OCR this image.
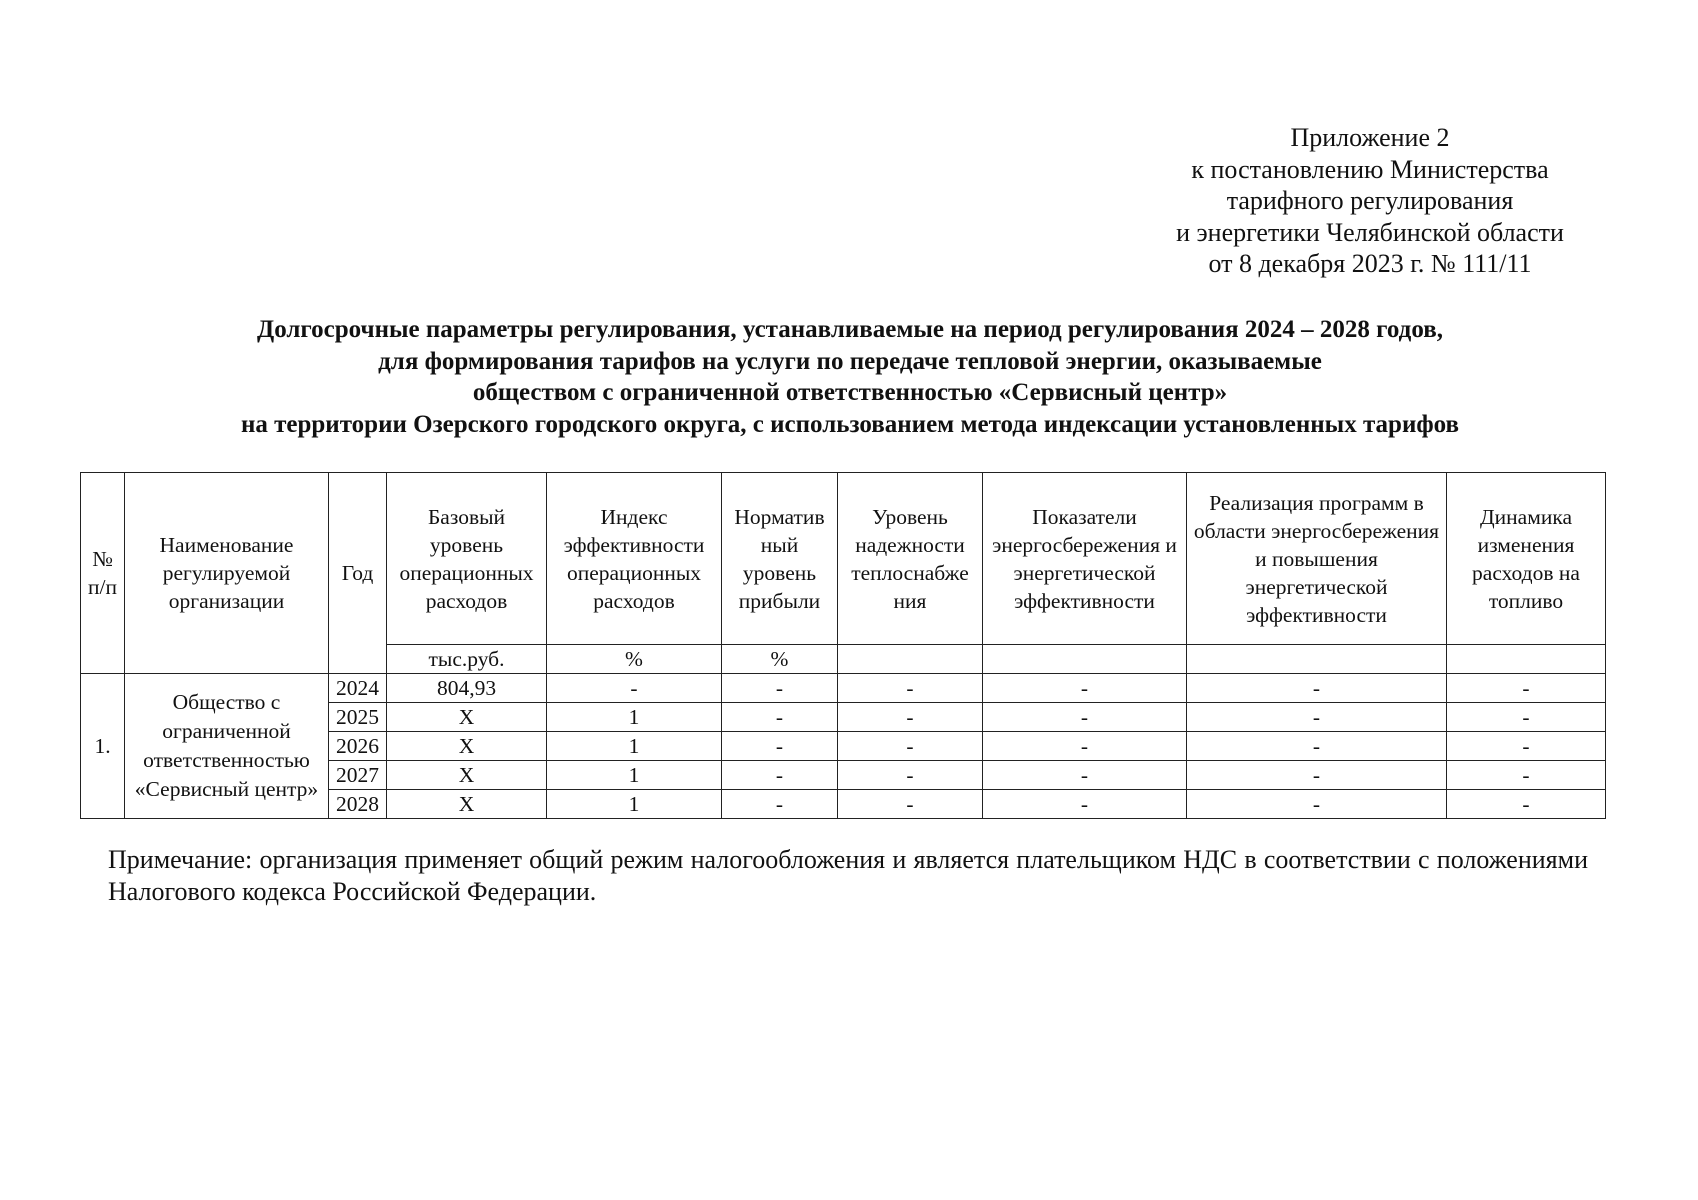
Приложение 2
к постановлению Министерства
тарифного регулирования
и энергетики Челябинской области
от 8 декабря 2023 г. № 111/11
Долгосрочные параметры регулирования, устанавливаемые на период регулирования 2024 – 2028 годов,
для формирования тарифов на услуги по передаче тепловой энергии, оказываемые
обществом с ограниченной ответственностью «Сервисный центр»
на территории Озерского городского округа, с использованием метода индексации установленных тарифов
№ п/п	Наименование регулируемой организации	Год	Базовый уровень операционных расходов	Индекс эффективности операционных расходов	Норматив ный уровень прибыли	Уровень надежности теплоснабже ния	Показатели энергосбережения и энергетической эффективности	Реализация программ в области энергосбережения и повышения энергетической эффективности	Динамика изменения расходов на топливо

			тыс.руб.	%	%				
1.	Общество с ограниченной ответственностью «Сервисный центр»	2024	804,93	-	-	-	-	-	-
		2025	Х	1	-	-	-	-	-
		2026	Х	1	-	-	-	-	-
		2027	Х	1	-	-	-	-	-
		2028	Х	1	-	-	-	-	-
Примечание: организация применяет общий режим налогообложения и является плательщиком НДС в соответствии с положениями Налогового кодекса Российской Федерации.
